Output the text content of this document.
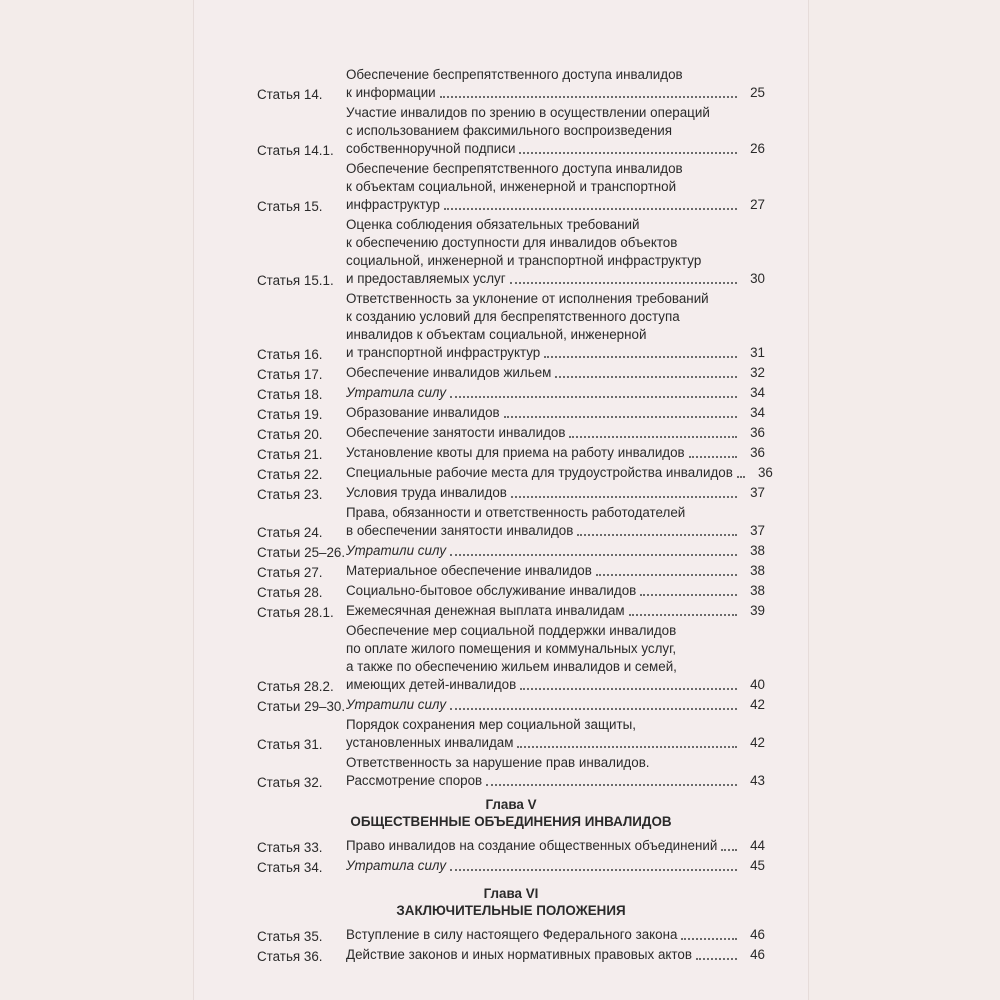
Статья 14.
Обеспечение беспрепятственного доступа инвалидов
к информации	25
Статья 14.1.
Участие инвалидов по зрению в осуществлении операций
с использованием факсимильного воспроизведения
собственноручной подписи	26
Статья 15.
Обеспечение беспрепятственного доступа инвалидов
к объектам социальной, инженерной и транспортной
инфраструктур	27
Статья 15.1.
Оценка соблюдения обязательных требований
к обеспечению доступности для инвалидов объектов
социальной, инженерной и транспортной инфраструктур
и предоставляемых услуг	30
Статья 16.
Ответственность за уклонение от исполнения требований
к созданию условий для беспрепятственного доступа
инвалидов к объектам социальной, инженерной
и транспортной инфраструктур	31
Статья 17.	Обеспечение инвалидов жильем	32
Статья 18.	Утратила силу	34
Статья 19.	Образование инвалидов	34
Статья 20.	Обеспечение занятости инвалидов	36
Статья 21.	Установление квоты для приема на работу инвалидов	36
Статья 22.	Специальные рабочие места для трудоустройства инвалидов	36
Статья 23.	Условия труда инвалидов	37
Статья 24.
Права, обязанности и ответственность работодателей
в обеспечении занятости инвалидов	37
Статьи 25–26. Утратили силу	38
Статья 27.	Материальное обеспечение инвалидов	38
Статья 28.	Социально-бытовое обслуживание инвалидов	38
Статья 28.1. Ежемесячная денежная выплата инвалидам	39
Статья 28.2.
Обеспечение мер социальной поддержки инвалидов
по оплате жилого помещения и коммунальных услуг,
а также по обеспечению жильем инвалидов и семей,
имеющих детей-инвалидов	40
Статьи 29–30. Утратили силу	42
Статья 31.
Порядок сохранения мер социальной защиты,
установленных инвалидам	42
Статья 32.
Ответственность за нарушение прав инвалидов.
Рассмотрение споров	43
Глава V
ОБЩЕСТВЕННЫЕ ОБЪЕДИНЕНИЯ ИНВАЛИДОВ
Статья 33.	Право инвалидов на создание общественных объединений	44
Статья 34.	Утратила силу	45
Глава VI
ЗАКЛЮЧИТЕЛЬНЫЕ ПОЛОЖЕНИЯ
Статья 35.	Вступление в силу настоящего Федерального закона	46
Статья 36.	Действие законов и иных нормативных правовых актов	46
